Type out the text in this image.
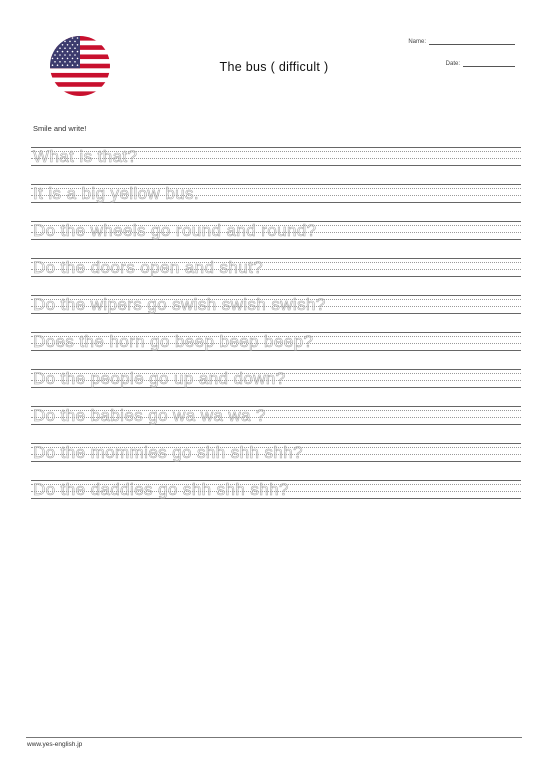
The bus ( difficult )
Name:
Date:
Smile and write!
What is that?
It is a big yellow bus.
Do the wheels go round and round?
Do the doors open and shut?
Do the wipers go swish swish swish?
Does the horn go beep beep beep?
Do the people go up and down?
Do the babies go wa wa wa ?
Do the mommies go shh shh shh?
Do the daddies go shh shh shh?
www.yes-english.jp
